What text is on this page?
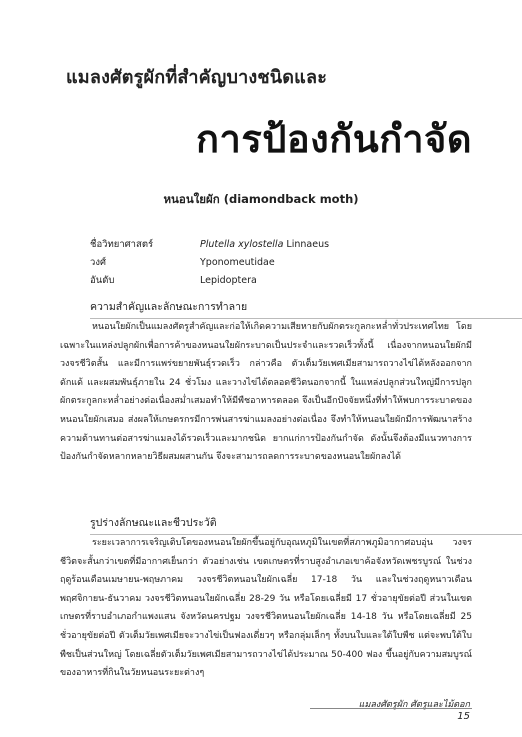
แมลงศัตรูผักที่สำคัญบางชนิดและ
การป้องกันกำจัด
หนอนใยผัก (diamondback moth)
ชื่อวิทยาศาสตร์	Plutella xylostella Linnaeus
วงศ์	Yponomeutidae
อันดับ	Lepidoptera
ความสำคัญและลักษณะการทำลาย
หนอนใยผักเป็นแมลงศัตรูสำคัญและก่อให้เกิดความเสียหายกับผักตระกูลกะหล่ำทั่วประเทศไทย โดยเฉพาะในแหล่งปลูกผักเพื่อการค้าของหนอนใยผักระบาดเป็นประจำและรวดเร็วทั้งนี้ เนื่องจากหนอนใยผักมีวงจรชีวิตสั้น และมีการแพร่ขยายพันธุ์รวดเร็ว กล่าวคือ ตัวเต็มวัยเพศเมียสามารถวางไข่ได้หลังออกจากดักแด้ และผสมพันธุ์ภายใน 24 ชั่วโมง และวางไข่ได้ตลอดชีวิตนอกจากนี้ ในแหล่งปลูกส่วนใหญ่มีการปลูกผักตระกูลกะหล่ำอย่างต่อเนื่องสม่ำเสมอทำให้มีพืชอาหารตลอด จึงเป็นอีกปัจจัยหนึ่งที่ทำให้พบการระบาดของหนอนใยผักเสมอ ส่งผลให้เกษตรกรมีการพ่นสารฆ่าแมลงอย่างต่อเนื่อง จึงทำให้หนอนใยผักมีการพัฒนาสร้างความต้านทานต่อสารฆ่าแมลงได้รวดเร็วและมากชนิด ยากแก่การป้องกันกำจัด ดังนั้นจึงต้องมีแนวทางการป้องกันกำจัดหลากหลายวิธีผสมผสานกัน จึงจะสามารถลดการระบาดของหนอนใยผักลงได้
รูปร่างลักษณะและชีวประวัติ
ระยะเวลาการเจริญเติบโตของหนอนใยผักขึ้นอยู่กับอุณหภูมิในเขตที่สภาพภูมิอากาศอบอุ่น วงจรชีวิตจะสั้นกว่าเขตที่มีอากาศเย็นกว่า ตัวอย่างเช่น เขตเกษตรที่ราบสูงอำเภอเขาค้อจังหวัดเพชรบูรณ์ ในช่วงฤดูร้อนเดือนเมษายน-พฤษภาคม วงจรชีวิตหนอนใยผักเฉลี่ย 17-18 วัน และในช่วงฤดูหนาวเดือนพฤศจิกายน-ธันวาคม วงจรชีวิตหนอนใยผักเฉลี่ย 28-29 วัน หรือโดยเฉลี่ยมี 17 ชั่วอายุขัยต่อปี ส่วนในเขตเกษตรที่ราบอำเภอกำแพงแสน จังหวัดนครปฐม วงจรชีวิตหนอนใยผักเฉลี่ย 14-18 วัน หรือโดยเฉลี่ยมี 25 ชั่วอายุขัยต่อปี ตัวเต็มวัยเพศเมียจะวางไข่เป็นฟองเดี่ยวๆ หรือกลุ่มเล็กๆ ทั้งบนใบและใต้ใบพืช แต่จะพบใต้ใบพืชเป็นส่วนใหญ่ โดยเฉลี่ยตัวเต็มวัยเพศเมียสามารถวางไข่ได้ประมาณ 50-400 ฟอง ขึ้นอยู่กับความสมบูรณ์ของอาหารที่กินในวัยหนอนระยะต่างๆ
แมลงศัตรูผัก ศัตรูและไม้ดอก
15
